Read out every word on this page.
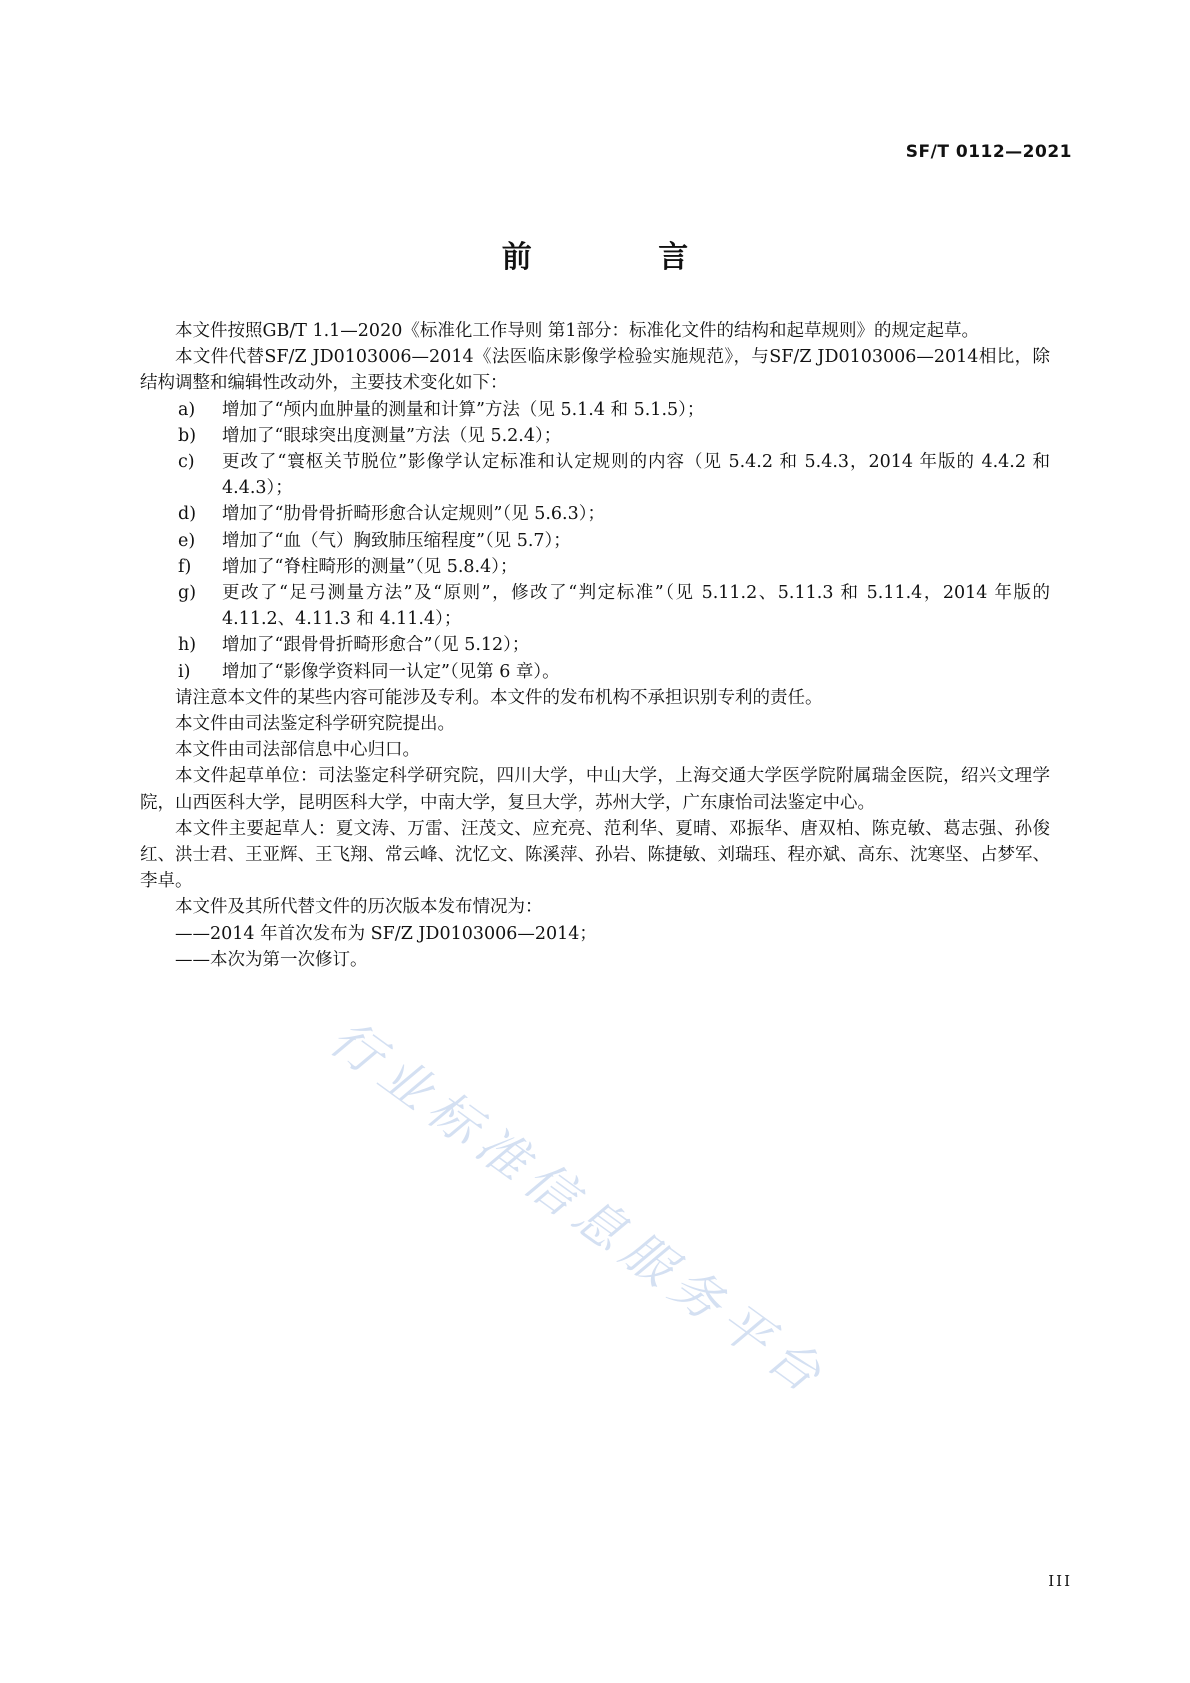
SF/T 0112—2021
前 言

本文件按照GB/T 1.1—2020《标准化工作导则 第1部分：标准化文件的结构和起草规则》的规定起草。

本文件代替SF/Z JD0103006—2014《法医临床影像学检验实施规范》，与SF/Z JD0103006—2014相比，除结构调整和编辑性改动外，主要技术变化如下：

a)	增加了“颅内血肿量的测量和计算”方法（见 5.1.4 和 5.1.5）；
b)	增加了“眼球突出度测量”方法（见 5.2.4）；
c)	更改了“寰枢关节脱位”影像学认定标准和认定规则的内容（见 5.4.2 和 5.4.3，2014 年版的 4.4.2 和 4.4.3）；
d)	增加了“肋骨骨折畸形愈合认定规则”（见 5.6.3）；
e)	增加了“血（气）胸致肺压缩程度”（见 5.7）；
f)	增加了“脊柱畸形的测量”（见 5.8.4）；
g)	更改了“足弓测量方法”及“原则”，修改了“判定标准”（见 5.11.2、5.11.3 和 5.11.4，2014 年版的 4.11.2、4.11.3 和 4.11.4）；
h)	增加了“跟骨骨折畸形愈合”（见 5.12）；
i)	增加了“影像学资料同一认定”（见第 6 章）。

请注意本文件的某些内容可能涉及专利。本文件的发布机构不承担识别专利的责任。

本文件由司法鉴定科学研究院提出。

本文件由司法部信息中心归口。

本文件起草单位：司法鉴定科学研究院，四川大学，中山大学，上海交通大学医学院附属瑞金医院，绍兴文理学院，山西医科大学，昆明医科大学，中南大学，复旦大学，苏州大学，广东康怡司法鉴定中心。

本文件主要起草人：夏文涛、万雷、汪茂文、应充亮、范利华、夏晴、邓振华、唐双柏、陈克敏、葛志强、孙俊红、洪士君、王亚辉、王飞翔、常云峰、沈忆文、陈溪萍、孙岩、陈捷敏、刘瑞珏、程亦斌、高东、沈寒坚、占梦军、李卓。

本文件及其所代替文件的历次版本发布情况为：

——2014 年首次发布为 SF/Z JD0103006—2014；

——本次为第一次修订。

行业标准信息服务平台
III
